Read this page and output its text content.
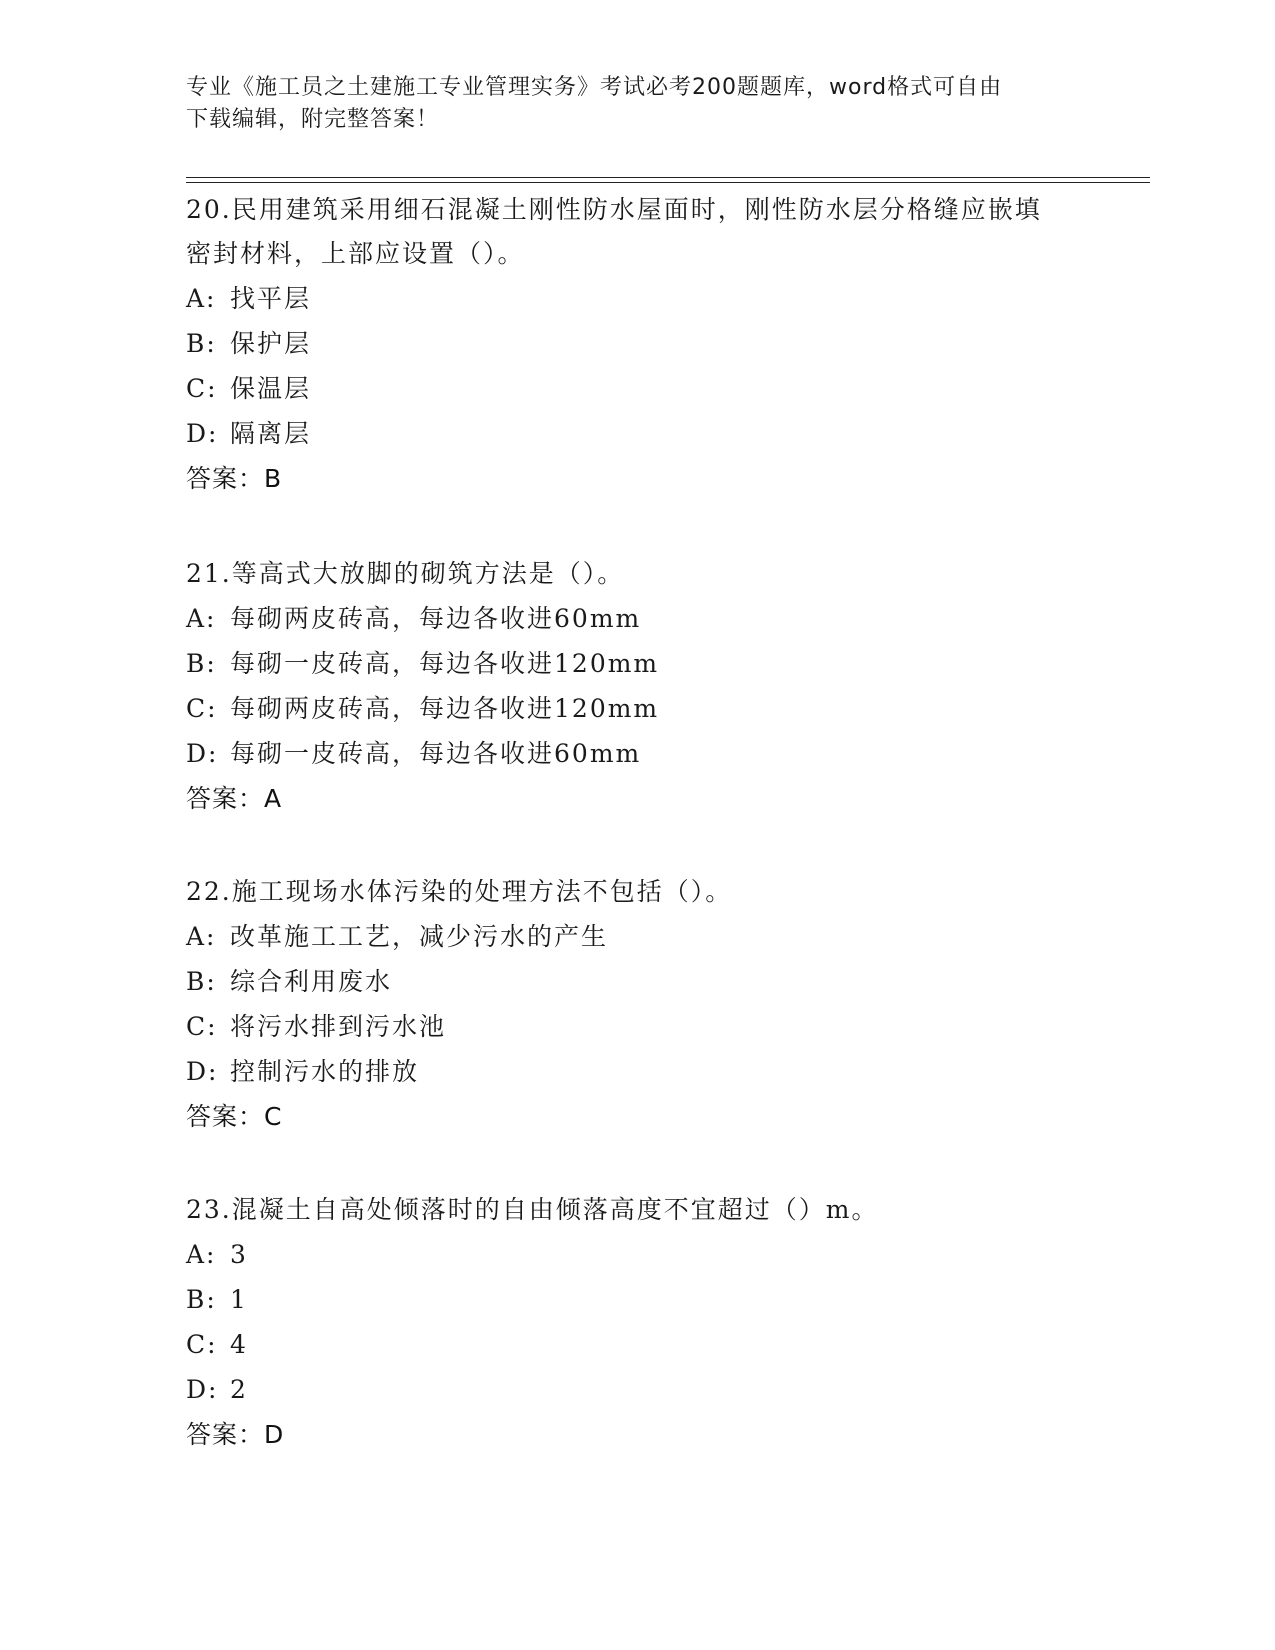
专业《施工员之土建施工专业管理实务》考试必考200题题库，word格式可自由
下载编辑，附完整答案！
20.民用建筑采用细石混凝土刚性防水屋面时，刚性防水层分格缝应嵌填密封材料，上部应设置（）。
A: 找平层
B: 保护层
C: 保温层
D: 隔离层
答案：B
21.等高式大放脚的砌筑方法是（）。
A: 每砌两皮砖高，每边各收进60mm
B: 每砌一皮砖高，每边各收进120mm
C: 每砌两皮砖高，每边各收进120mm
D: 每砌一皮砖高，每边各收进60mm
答案：A
22.施工现场水体污染的处理方法不包括（）。
A: 改革施工工艺，减少污水的产生
B: 综合利用废水
C: 将污水排到污水池
D: 控制污水的排放
答案：C
23.混凝土自高处倾落时的自由倾落高度不宜超过（）m。
A: 3
B: 1
C: 4
D: 2
答案：D
